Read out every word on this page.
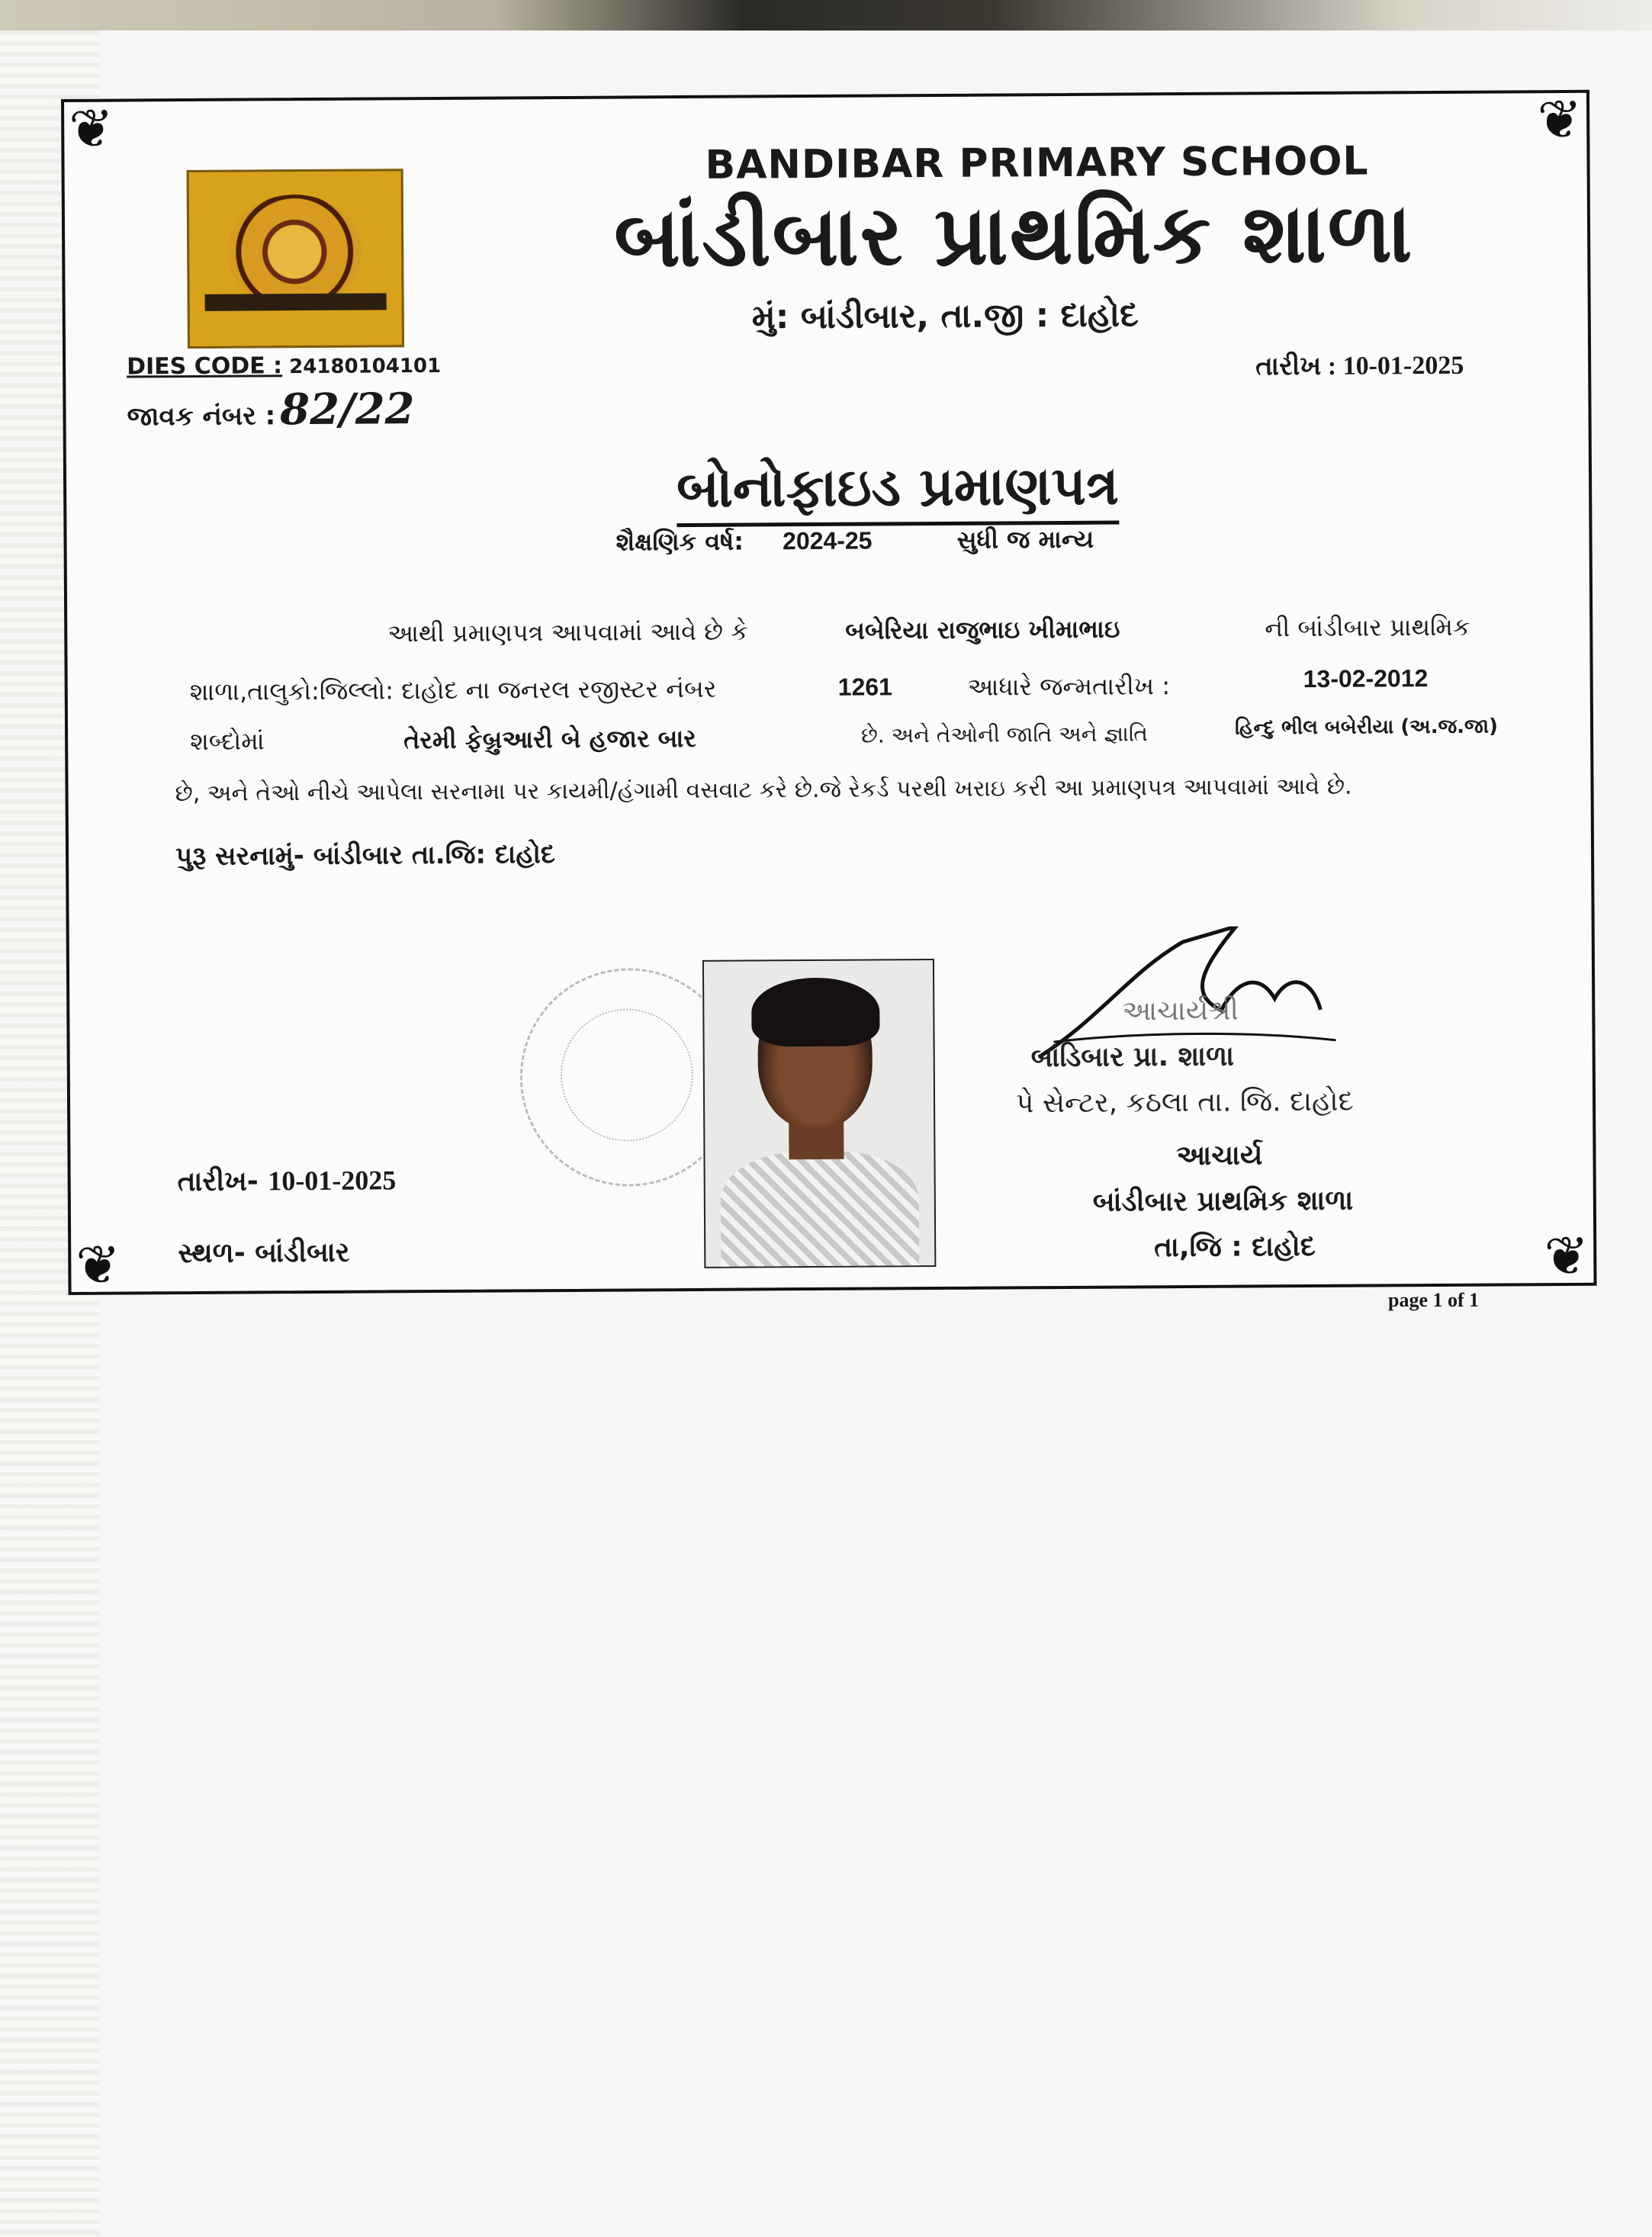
❦	❦
❦	❦
BANDIBAR PRIMARY SCHOOL
બાંડીબાર પ્રાથમિક શાળા
મું: બાંડીબાર, તા.જી : દાહોદ
DIES CODE : 24180104101
જાવક નંબર : 82/22
તારીખ : 10-01-2025
બોનોફાઇડ પ્રમાણપત્ર
શૈક્ષણિક વર્ષ: 2024-25	સુધી જ માન્ય
આથી પ્રમાણપત્ર આપવામાં આવે છે કે	બબેરિયા રાજુભાઇ ખીમાભાઇ	ની બાંડીબાર પ્રાથમિક
શાળા,તાલુકો:જિલ્લો: દાહોદ ના જનરલ રજીસ્ટર નંબર	1261	આધારે જન્મતારીખ :	13-02-2012
શબ્દોમાં	તેરમી ફેબ્રુઆરી બે હજાર બાર	છે. અને તેઓની જાતિ અને જ્ઞાતિ	હિન્દુ ભીલ બબેરીયા (અ.જ.જા)
છે, અને તેઓ નીચે આપેલા સરનામા પર કાયમી/હંગામી વસવાટ કરે છે.જે રેકર્ડ પરથી ખરાઇ કરી આ પ્રમાણપત્ર આપવામાં આવે છે.
પુરૂ સરનામું- બાંડીબાર તા.જિ: દાહોદ
આચાર્યશ્રી
બાંડિબાર પ્રા. શાળા
પે સેન્ટર, કઠલા તા. જિ. દાહોદ
આચાર્ય
બાંડીબાર પ્રાથમિક શાળા
તા,જિ : દાહોદ
તારીખ- 10-01-2025
સ્થળ- બાંડીબાર
page 1 of 1
